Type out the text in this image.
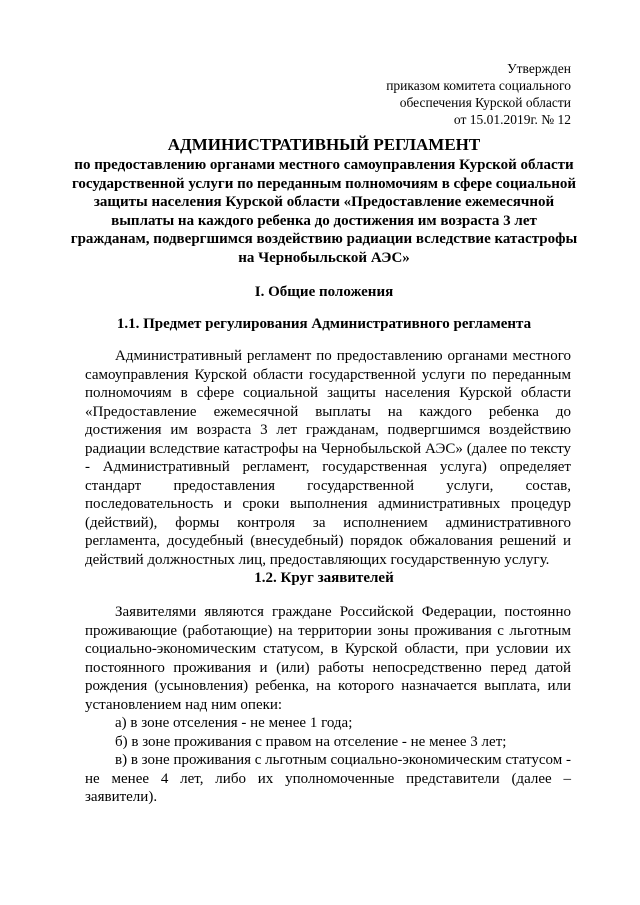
Утвержден
приказом комитета социального
обеспечения Курской области
от 15.01.2019г. № 12
АДМИНИСТРАТИВНЫЙ РЕГЛАМЕНТ
по предоставлению органами местного самоуправления Курской области государственной услуги по переданным полномочиям в сфере социальной защиты населения Курской области «Предоставление ежемесячной выплаты на каждого ребенка до достижения им возраста 3 лет гражданам, подвергшимся воздействию радиации вследствие катастрофы на Чернобыльской АЭС»
I. Общие положения
1.1. Предмет регулирования Административного регламента

Административный регламент по предоставлению органами местного самоуправления Курской области государственной услуги по переданным полномочиям в сфере социальной защиты населения Курской области «Предоставление ежемесячной выплаты на каждого ребенка до достижения им возраста 3 лет гражданам, подвергшимся воздействию радиации вследствие катастрофы на Чернобыльской АЭС» (далее по тексту - Административный регламент, государственная услуга) определяет стандарт предоставления государственной услуги, состав, последовательность и сроки выполнения административных процедур (действий), формы контроля за исполнением административного регламента, досудебный (внесудебный) порядок обжалования решений и действий должностных лиц, предоставляющих государственную услугу.

1.2. Круг заявителей

Заявителями являются граждане Российской Федерации, постоянно проживающие (работающие) на территории зоны проживания с льготным социально-экономическим статусом, в Курской области, при условии их постоянного проживания и (или) работы непосредственно перед датой рождения (усыновления) ребенка, на которого назначается выплата, или установлением над ним опеки:

а) в зоне отселения - не менее 1 года;

б) в зоне проживания с правом на отселение - не менее 3 лет;

в) в зоне проживания с льготным социально-экономическим статусом - не менее 4 лет, либо их уполномоченные представители (далее – заявители).
